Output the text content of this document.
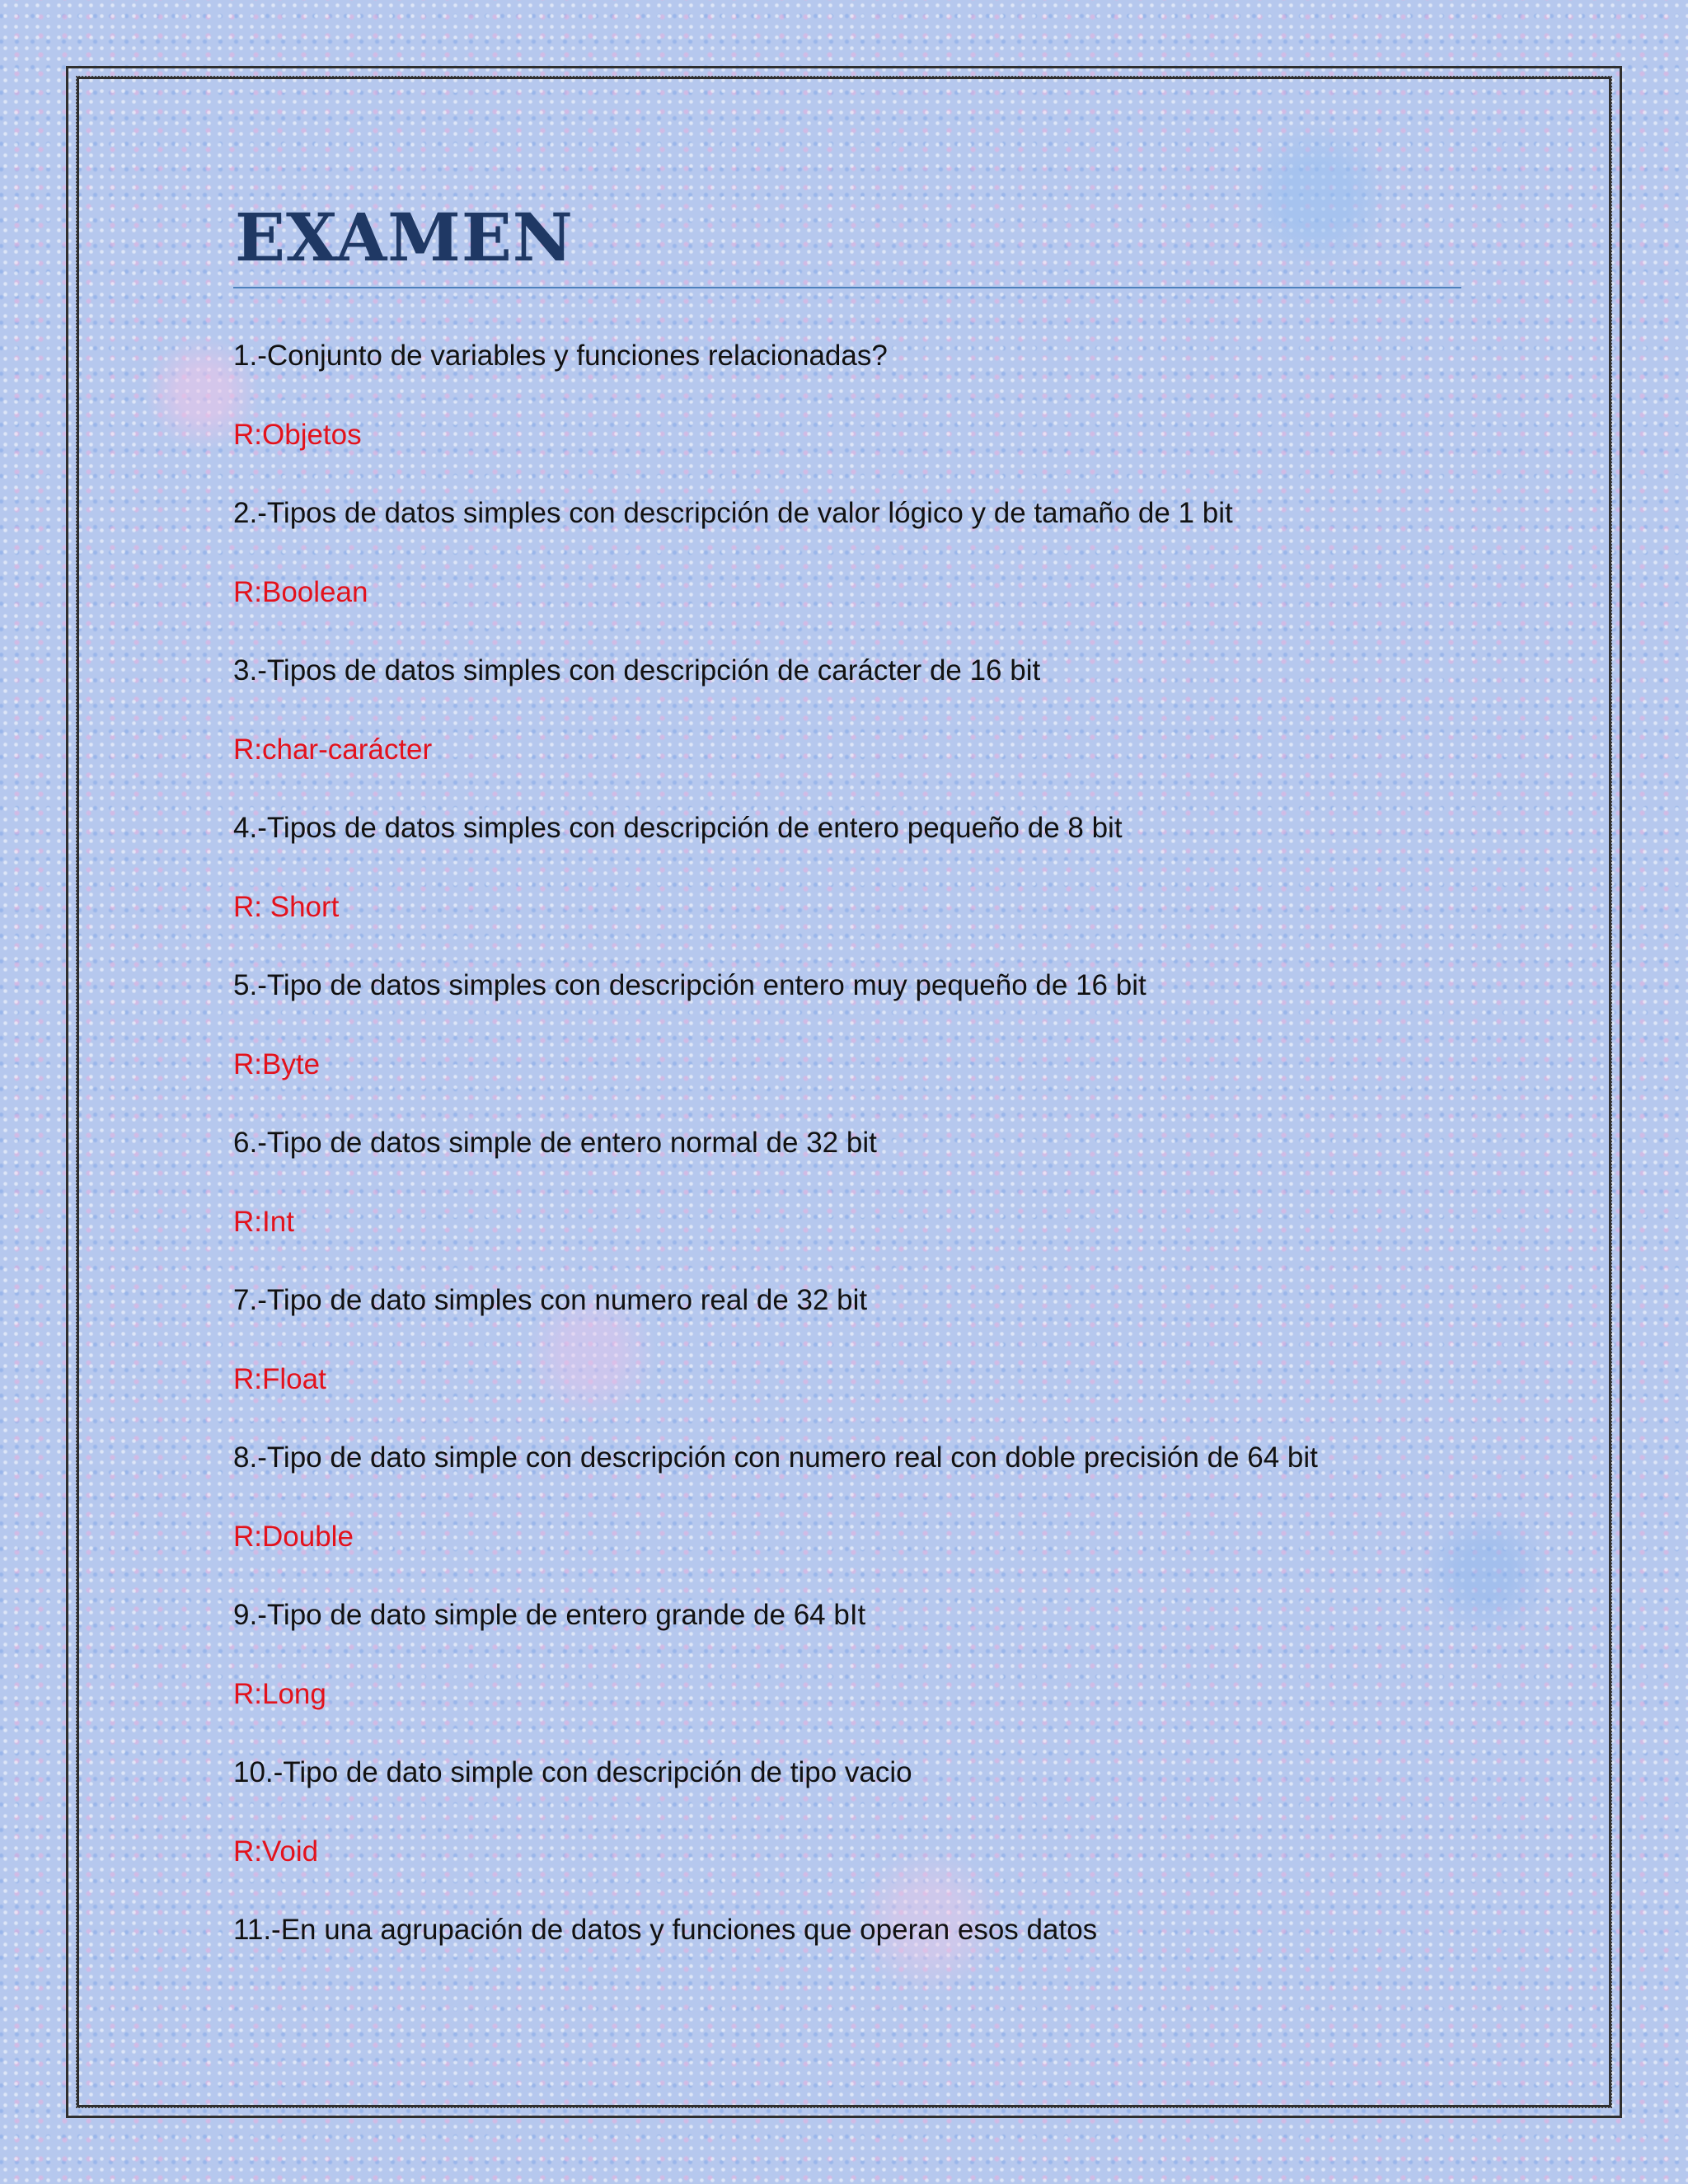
EXAMEN

1.-Conjunto de variables y funciones relacionadas?

R:Objetos

2.-Tipos de datos simples con descripción de valor lógico y de tamaño de 1 bit

R:Boolean

3.-Tipos de datos simples con descripción de carácter de 16 bit

R:char-carácter

4.-Tipos de datos simples con descripción de entero pequeño de 8 bit

R: Short

5.-Tipo de datos simples con descripción entero muy pequeño de 16 bit

R:Byte

6.-Tipo de datos simple de entero normal de 32 bit

R:Int

7.-Tipo de dato simples con numero real de 32 bit

R:Float

8.-Tipo de dato simple con descripción con numero real con doble precisión de 64 bit

R:Double

9.-Tipo de dato simple de entero grande de 64 bIt

R:Long

10.-Tipo de dato simple con descripción de tipo vacio

R:Void

11.-En una agrupación de datos y funciones que operan esos datos
